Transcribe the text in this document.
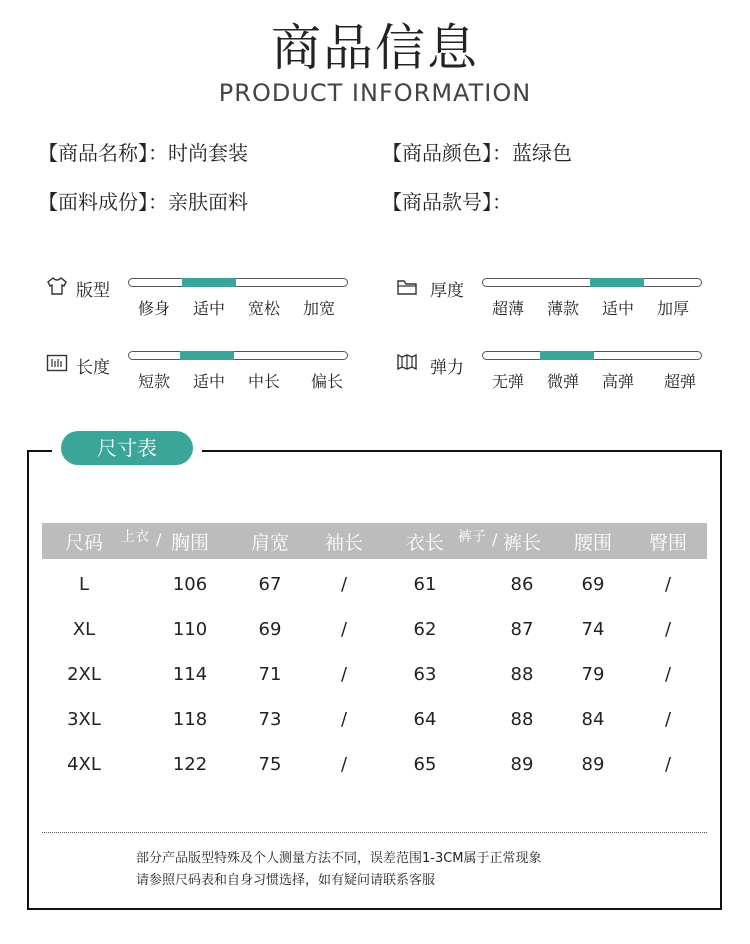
商品信息
PRODUCT INFORMATION
【商品名称】：时尚套装	【商品颜色】：蓝绿色
【面料成份】：亲肤面料	【商品款号】：
版型
修身 适中 宽松 加宽
厚度
超薄 薄款 适中 加厚
长度
短款 适中 中长 偏长
弹力
无弹 微弹 高弹 超弹
尺寸表
尺码 上衣 ∕ 胸围 肩宽 袖长 衣长 裤子 ∕ 裤长 腰围 臀围
L	106	67	/	61	86	69	/
XL	110	69	/	62	87	74	/
2XL	114	71	/	63	88	79	/
3XL	118	73	/	64	88	84	/
4XL	122	75	/	65	89	89	/
部分产品版型特殊及个人测量方法不同，误差范围1-3CM属于正常现象
请参照尺码表和自身习惯选择，如有疑问请联系客服
